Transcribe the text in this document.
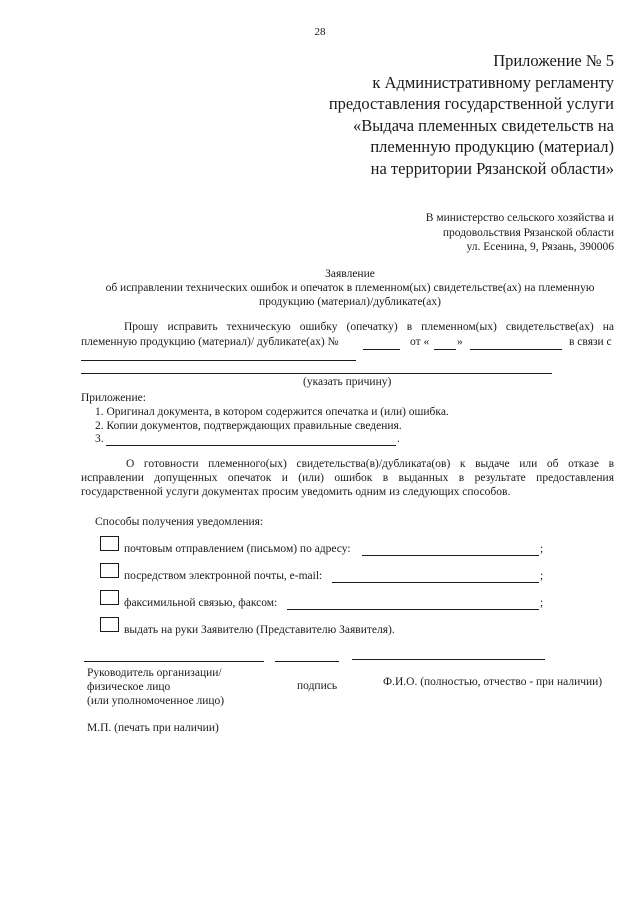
28
Приложение № 5
к Административному регламенту
предоставления государственной услуги
«Выдача племенных свидетельств на
племенную продукцию (материал)
на территории Рязанской области»
В министерство сельского хозяйства и
продовольствия Рязанской области
ул. Есенина, 9, Рязань, 390006
Заявление
об исправлении технических ошибок и опечаток в племенном(ых) свидетельстве(ах) на племенную
продукцию (материал)/дубликате(ах)
Прошу исправить техническую ошибку (опечатку) в племенном(ых) свидетельстве(ах) на
племенную продукцию (материал)/ дубликате(ах) №	от « »	в связи с
(указать причину)
Приложение:
1. Оригинал документа, в котором содержится опечатка и (или) ошибка.
2. Копии документов, подтверждающих правильные сведения.
3.	.
О готовности племенного(ых) свидетельства(в)/дубликата(ов) к выдаче или об отказе в
исправлении допущенных опечаток и (или) ошибок в выданных в результате предоставления
государственной услуги документах просим уведомить одним из следующих способов.
Способы получения уведомления:
почтовым отправлением (письмом) по адресу:	;
посредством электронной почты, e-mail:	;
факсимильной связью, факсом:	;
выдать на руки Заявителю (Представителю Заявителя).
Руководитель организации/
физическое лицо
(или уполномоченное лицо)
подпись	Ф.И.О. (полностью, отчество - при наличии)
М.П. (печать при наличии)
